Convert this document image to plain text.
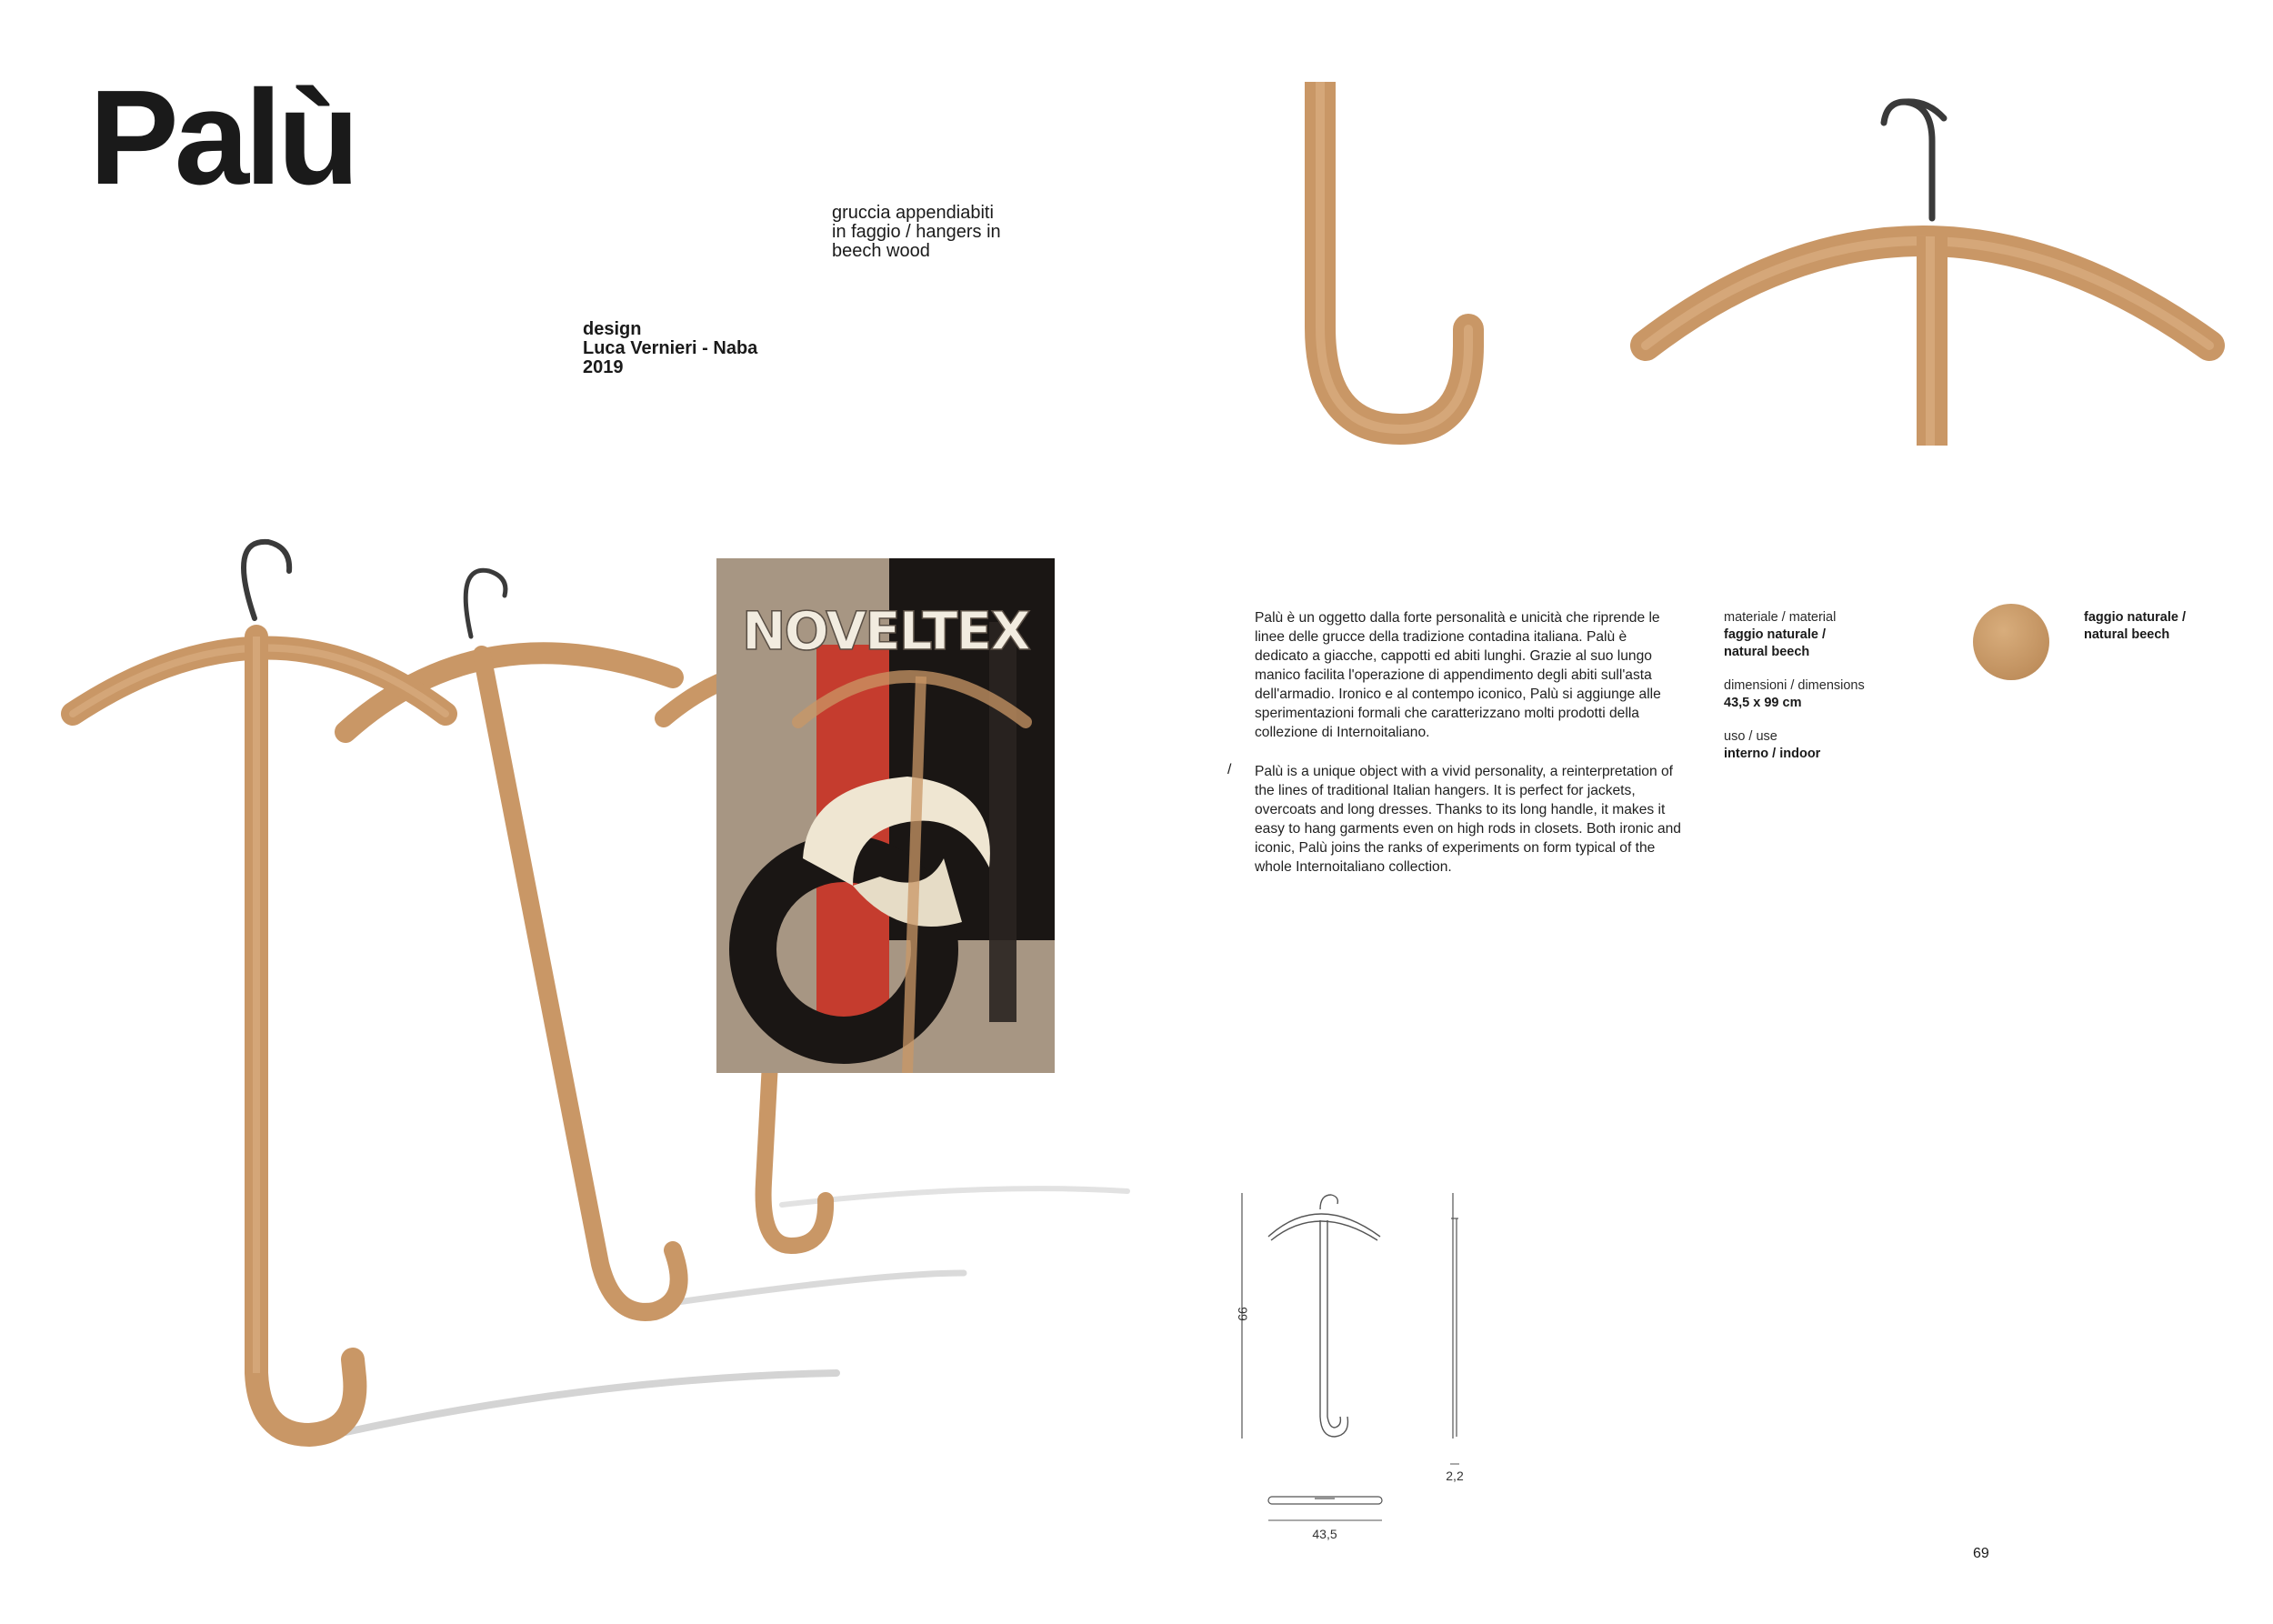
Palù	gruccia appendiabiti
in faggio / hangers in
beech wood
design
Luca Vernieri - Naba
2019
NOVELTEX	Palù è un oggetto dalla forte personalità e unicità che riprende le linee delle grucce della tradizione contadina italiana. Palù è dedicato a giacche, cappotti ed abiti lunghi. Grazie al suo lungo manico facilita l'operazione di appendimento degli abiti sull'asta dell'armadio. Ironico e al contempo iconico, Palù si aggiunge alle sperimentazioni formali che caratterizzano molti prodotti della collezione di Internoitaliano.
/ Palù is a unique object with a vivid personality, a reinterpretation of the lines of traditional Italian hangers. It is perfect for jackets, overcoats and long dresses. Thanks to its long handle, it makes it easy to hang garments even on high rods in closets. Both ironic and iconic, Palù joins the ranks of experiments on form typical of the whole Internoitaliano collection.
materiale / material
faggio naturale /
natural beech
dimensioni / dimensions
43,5 x 99 cm
uso / use
interno / indoor
faggio naturale /
natural beech
99
2,2
43,5
69
